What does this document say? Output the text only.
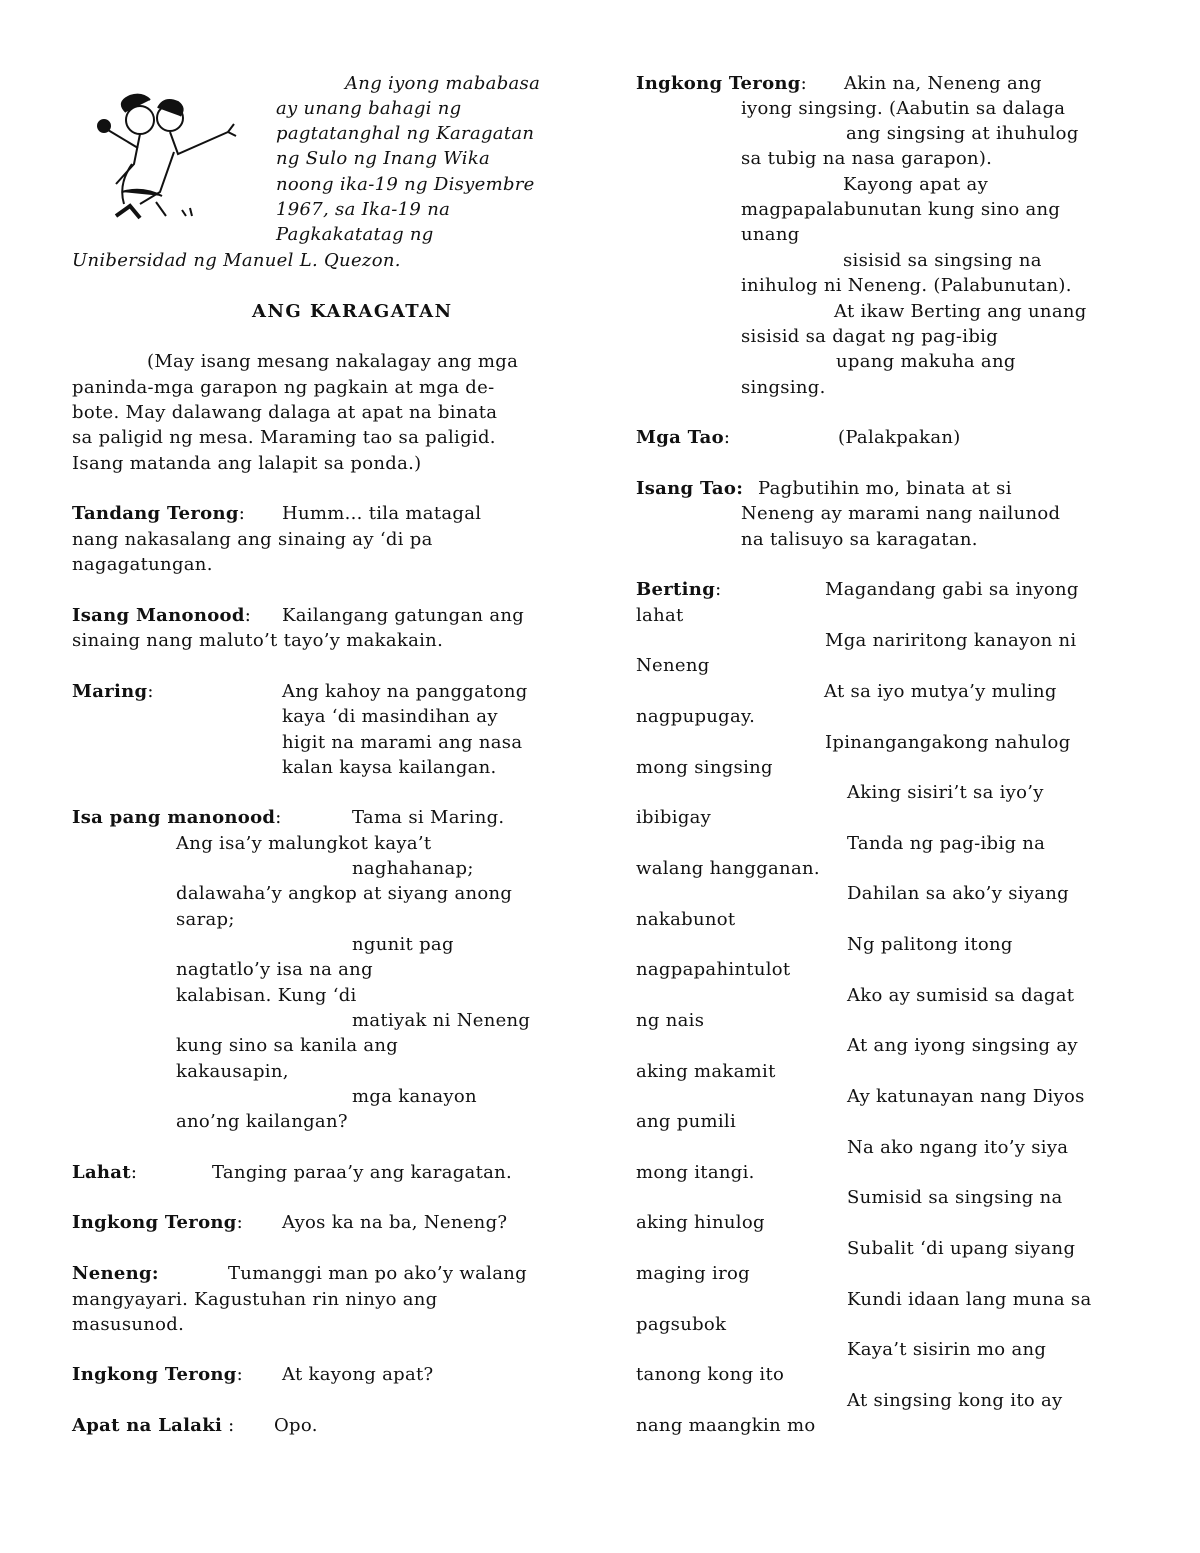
Ang iyong mababasa
ay unang bahagi ng
pagtatanghal ng Karagatan
ng Sulo ng Inang Wika
noong ika-19 ng Disyembre
1967, sa Ika-19 na
Pagkakatatag ng
Unibersidad ng Manuel L. Quezon.
ANG KARAGATAN
(May isang mesang nakalagay ang mga
paninda-mga garapon ng pagkain at mga de-
bote. May dalawang dalaga at apat na binata
sa paligid ng mesa. Maraming tao sa paligid.
Isang matanda ang lalapit sa ponda.)
Tandang Terong: Humm... tila matagal
nang nakasalang ang sinaing ay ‘di pa
nagagatungan.
Isang Manonood: Kailangang gatungan ang
sinaing nang maluto’t tayo’y makakain.
Maring:	Ang kahoy na panggatong
kaya ‘di masindihan ay
higit na marami ang nasa
kalan kaysa kailangan.
Isa pang manonood:	Tama si Maring.
Ang isa’y malungkot kaya’t
naghahanap;
dalawaha’y angkop at siyang anong
sarap;
ngunit pag
nagtatlo’y isa na ang
kalabisan. Kung ‘di
matiyak ni Neneng
kung sino sa kanila ang
kakausapin,
mga kanayon
ano’ng kailangan?
Lahat:	Tanging paraa’y ang karagatan.
Ingkong Terong: Ayos ka na ba, Neneng?
Neneng:	Tumanggi man po ako’y walang
mangyayari. Kagustuhan rin ninyo ang
masusunod.
Ingkong Terong: At kayong apat?
Apat na Lalaki : Opo.
Ingkong Terong: Akin na, Neneng ang
iyong singsing. (Aabutin sa dalaga
ang singsing at ihuhulog
sa tubig na nasa garapon).
Kayong apat ay
magpapalabunutan kung sino ang
unang
sisisid sa singsing na
inihulog ni Neneng. (Palabunutan).
At ikaw Berting ang unang
sisisid sa dagat ng pag-ibig
upang makuha ang
singsing.
Mga Tao:	(Palakpakan)
Isang Tao: Pagbutihin mo, binata at si
Neneng ay marami nang nailunod
na talisuyo sa karagatan.
Berting:	Magandang gabi sa inyong
lahat
Mga nariritong kanayon ni
Neneng
At sa iyo mutya’y muling
nagpupugay.
Ipinangangakong nahulog
mong singsing
Aking sisiri’t sa iyo’y
ibibigay
Tanda ng pag-ibig na
walang hangganan.
Dahilan sa ako’y siyang
nakabunot
Ng palitong itong
nagpapahintulot
Ako ay sumisid sa dagat
ng nais
At ang iyong singsing ay
aking makamit
Ay katunayan nang Diyos
ang pumili
Na ako ngang ito’y siya
mong itangi.
Sumisid sa singsing na
aking hinulog
Subalit ‘di upang siyang
maging irog
Kundi idaan lang muna sa
pagsubok
Kaya’t sisirin mo ang
tanong kong ito
At singsing kong ito ay
nang maangkin mo
